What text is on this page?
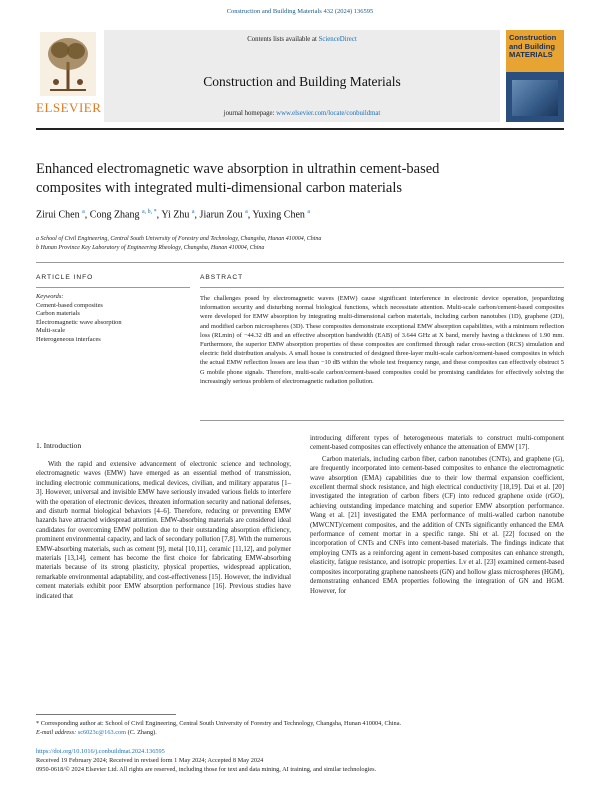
Construction and Building Materials 432 (2024) 136595
ELSEVIER
Contents lists available at ScienceDirect
Construction and Building Materials
journal homepage: www.elsevier.com/locate/conbuildmat
Construction and Building MATERIALS
Enhanced electromagnetic wave absorption in ultrathin cement-based composites with integrated multi-dimensional carbon materials
Zirui Chen $^a$, Cong Zhang $^{a, b, *}$, Yi Zhu $^a$, Jiarun Zou $^a$, Yuxing Chen $^a$
a School of Civil Engineering, Central South University of Forestry and Technology, Changsha, Hunan 410004, China
b Hunan Province Key Laboratory of Engineering Rheology, Changsha, Hunan 410004, China
ARTICLE INFO	ABSTRACT
Keywords:
Cement-based composites
Carbon materials
Electromagnetic wave absorption
Multi-scale
Heterogeneous interfaces
The challenges posed by electromagnetic waves (EMW) cause significant interference in electronic device operation, jeopardizing information security and disturbing normal biological functions, which necessitate attention. Multi-scale carbon/cement-based composites were developed for EMW absorption by integrating multi-dimensional carbon materials, including carbon nanotubes (1D), graphene (2D), and modified carbon microspheres (3D). These composites demonstrate exceptional EMW absorption capabilities, with a minimum reflection loss (RLmin) of −44.32 dB and an effective absorption bandwidth (EAB) of 3.644 GHz at X band, merely having a thickness of 1.90 mm. Furthermore, the superior EMW absorption properties of these composites are confirmed through radar cross-section (RCS) simulation and electric field distribution analysis. A small house is constructed of designed three-layer multi-scale carbon/cement-based composites in which the actual EMW reflection losses are less than −10 dB within the whole test frequency range, and these composites can effectively obstruct 5 G mobile phone signals. Therefore, multi-scale carbon/cement-based composites could be promising candidates for effectively solving the increasingly serious problem of electromagnetic radiation pollution.
1. Introduction
With the rapid and extensive advancement of electronic science and technology, electromagnetic waves (EMW) have emerged as an essential method of transmission, including electronic communications, medical devices, civilian, and military apparatus [1–3]. However, universal and invisible EMW have seriously invaded various fields to interfere with the operation of electronic devices, threaten information security and national defenses, and disturb normal biological behaviors [4–6]. Therefore, reducing or preventing EMW hazards have attracted widespread attention. EMW-absorbing materials are considered ideal candidates for overcoming EMW pollution due to their outstanding absorption efficiency, prominent environmental capacity, and lack of secondary pollution [7,8]. With the numerous EMW-absorbing materials, such as cement [9], metal [10,11], ceramic [11,12], and polymer materials [13,14], cement has become the first choice for fabricating EMW-absorbing materials because of its strong plasticity, physical properties, widespread application, remarkable environmental adaptability, and cost-effectiveness [15]. However, the individual cement materials exhibit poor EMW absorption performance [16]. Previous studies have indicated that

introducing different types of heterogeneous materials to construct multi-component cement-based composites can effectively enhance the attenuation of EMW [17].

Carbon materials, including carbon fiber, carbon nanotubes (CNTs), and graphene (G), are frequently incorporated into cement-based composites to enhance the electromagnetic wave absorption (EMA) capabilities due to their low thermal expansion coefficient, excellent thermal shock resistance, and high electrical conductivity [18,19]. Dai et al. [20] investigated the integration of carbon fibers (CF) into reduced graphene oxide (rGO), achieving outstanding impedance matching and superior EMW absorption performance. Wang et al. [21] investigated the EMA performance of multi-walled carbon nanotube (MWCNT)/cement composites, and the addition of CNTs significantly enhanced the EMA performance of cement mortar in a specific range. Shi et al. [22] focused on the incorporation of CNTs and CNFs into cement-based materials. The findings indicate that employing CNTs as a reinforcing agent in cement-based composites can enhance strength, elasticity, fatigue resistance, and isotropic properties. Lv et al. [23] examined cement-based composites incorporating graphene nanosheets (GN) and hollow glass microspheres (HGM), demonstrating enhanced EMA properties following the integration of GN and HGM. However, for

* Corresponding author at: School of Civil Engineering, Central South University of Forestry and Technology, Changsha, Hunan 410004, China.
E-mail address: sc6023c@163.com (C. Zhang).
https://doi.org/10.1016/j.conbuildmat.2024.136595
Received 19 February 2024; Received in revised form 1 May 2024; Accepted 8 May 2024
0950-0618/© 2024 Elsevier Ltd. All rights are reserved, including those for text and data mining, AI training, and similar technologies.
